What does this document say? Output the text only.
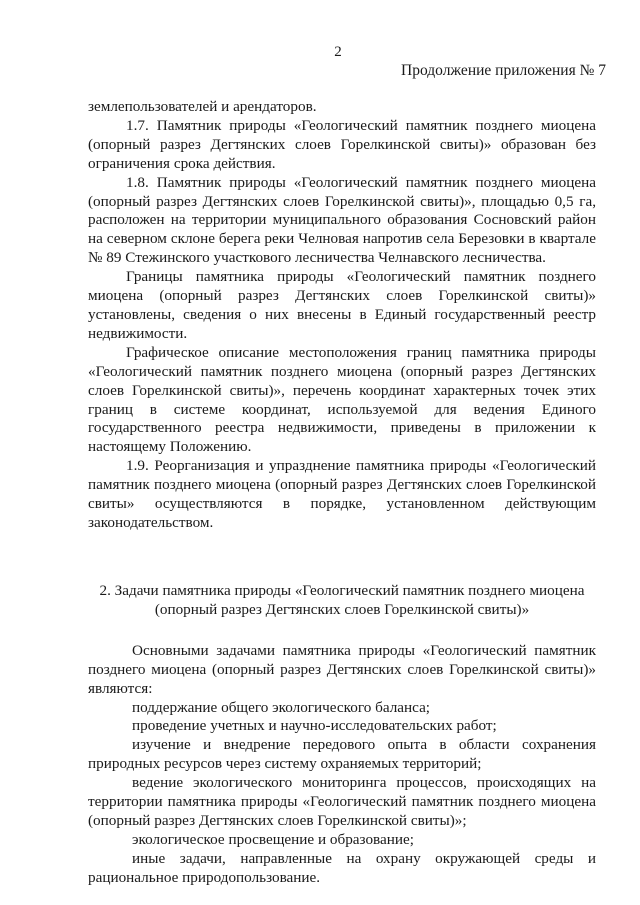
2
Продолжение приложения № 7

землепользователей и арендаторов.

1.7. Памятник природы «Геологический памятник позднего миоцена (опорный разрез Дегтянских слоев Горелкинской свиты)» образован без ограничения срока действия.

1.8. Памятник природы «Геологический памятник позднего миоцена (опорный разрез Дегтянских слоев Горелкинской свиты)», площадью 0,5 га, расположен на территории муниципального образования Сосновский район на северном склоне берега реки Челновая напротив села Березовки в квартале № 89 Стежинского участкового лесничества Челнавского лесничества.

Границы памятника природы «Геологический памятник позднего миоцена (опорный разрез Дегтянских слоев Горелкинской свиты)» установлены, сведения о них внесены в Единый государственный реестр недвижимости.

Графическое описание местоположения границ памятника природы «Геологический памятник позднего миоцена (опорный разрез Дегтянских слоев Горелкинской свиты)», перечень координат характерных точек этих границ в системе координат, используемой для ведения Единого государственного реестра недвижимости, приведены в приложении к настоящему Положению.

1.9. Реорганизация и упразднение памятника природы «Геологический памятник позднего миоцена (опорный разрез Дегтянских слоев Горелкинской свиты» осуществляются в порядке, установленном действующим законодательством.

2. Задачи памятника природы «Геологический памятник позднего миоцена
(опорный разрез Дегтянских слоев Горелкинской свиты)»

Основными задачами памятника природы «Геологический памятник позднего миоцена (опорный разрез Дегтянских слоев Горелкинской свиты)» являются:

поддержание общего экологического баланса;

проведение учетных и научно-исследовательских работ;

изучение и внедрение передового опыта в области сохранения природных ресурсов через систему охраняемых территорий;

ведение экологического мониторинга процессов, происходящих на территории памятника природы «Геологический памятник позднего миоцена (опорный разрез Дегтянских слоев Горелкинской свиты)»;

экологическое просвещение и образование;

иные задачи, направленные на охрану окружающей среды и рациональное природопользование.
